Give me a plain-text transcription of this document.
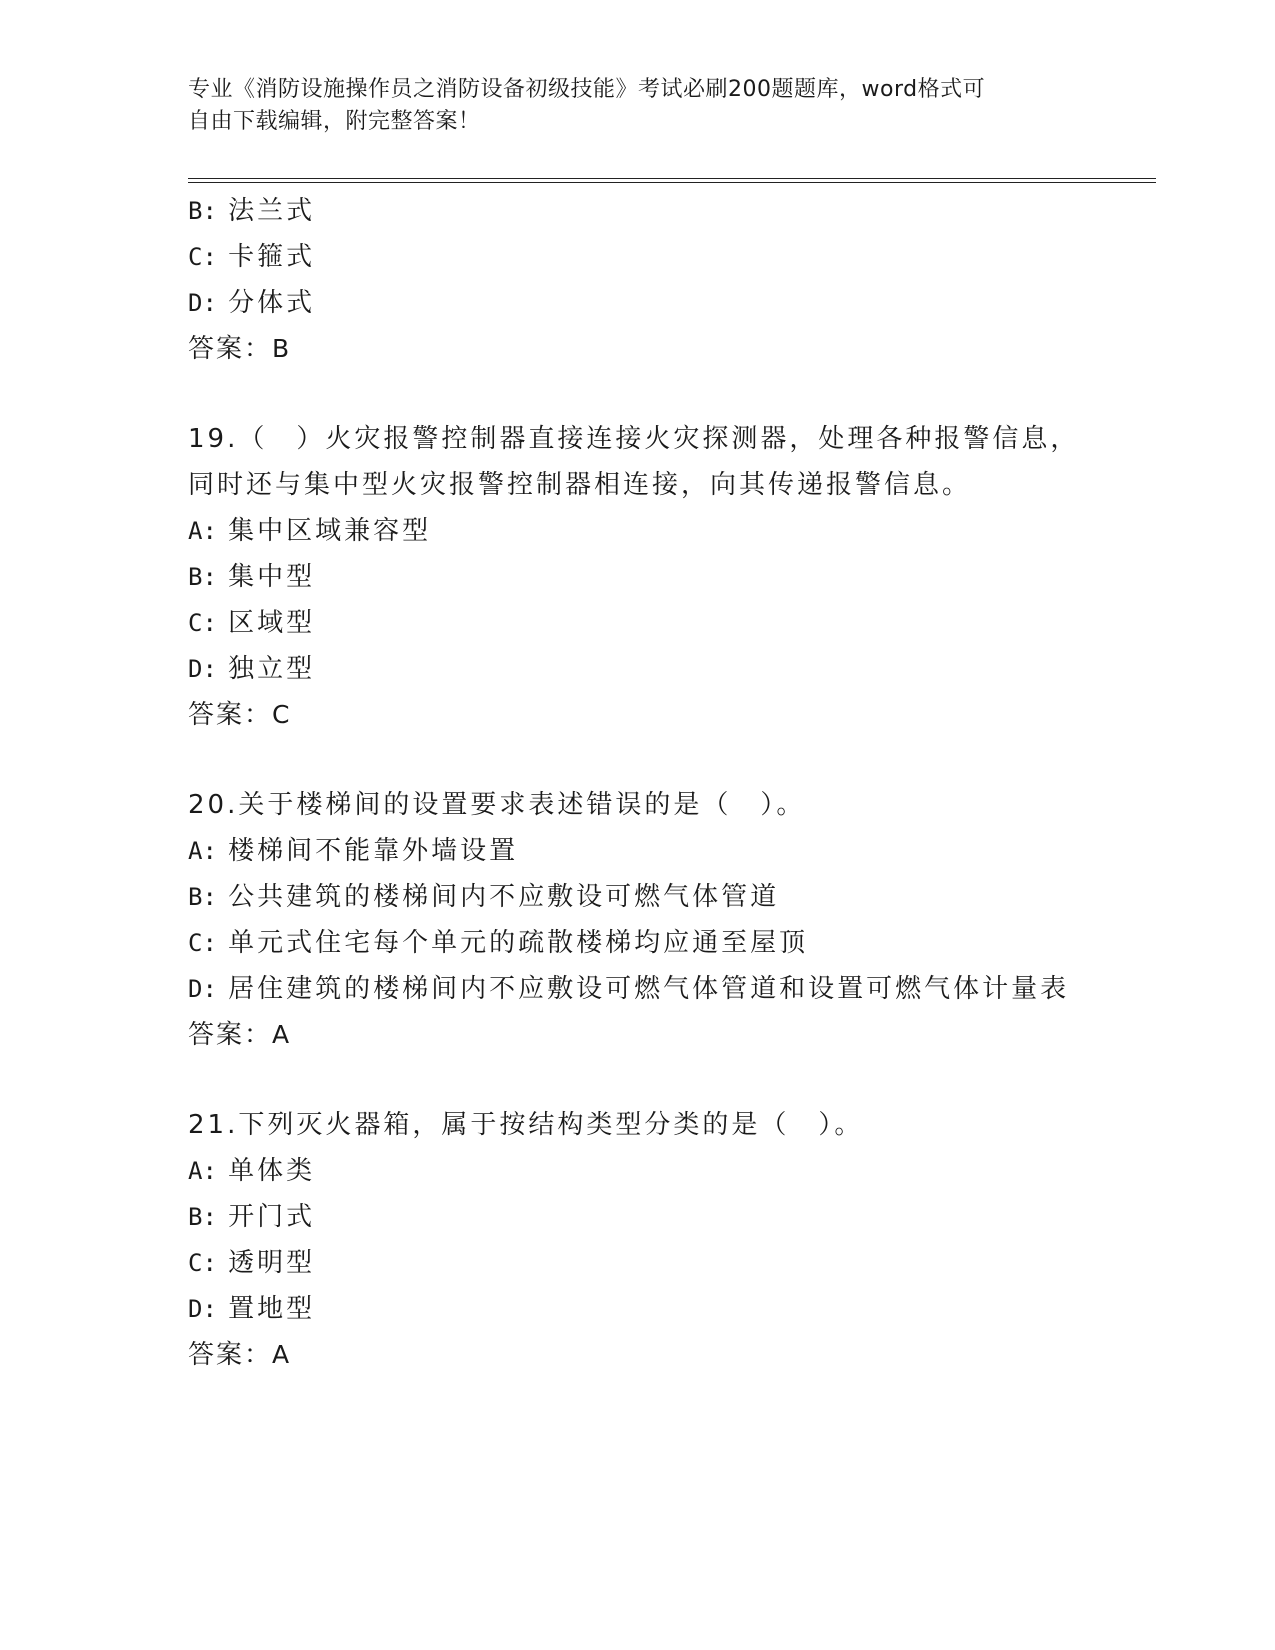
专业《消防设施操作员之消防设备初级技能》考试必刷200题题库，word格式可
自由下载编辑，附完整答案！
B: 法兰式
C: 卡箍式
D: 分体式
答案：B
19.（　）火灾报警控制器直接连接火灾探测器，处理各种报警信息，
同时还与集中型火灾报警控制器相连接，向其传递报警信息。
A: 集中区域兼容型
B: 集中型
C: 区域型
D: 独立型
答案：C
20.关于楼梯间的设置要求表述错误的是（　）。
A: 楼梯间不能靠外墙设置
B: 公共建筑的楼梯间内不应敷设可燃气体管道
C: 单元式住宅每个单元的疏散楼梯均应通至屋顶
D: 居住建筑的楼梯间内不应敷设可燃气体管道和设置可燃气体计量表
答案：A
21.下列灭火器箱，属于按结构类型分类的是（　）。
A: 单体类
B: 开门式
C: 透明型
D: 置地型
答案：A
